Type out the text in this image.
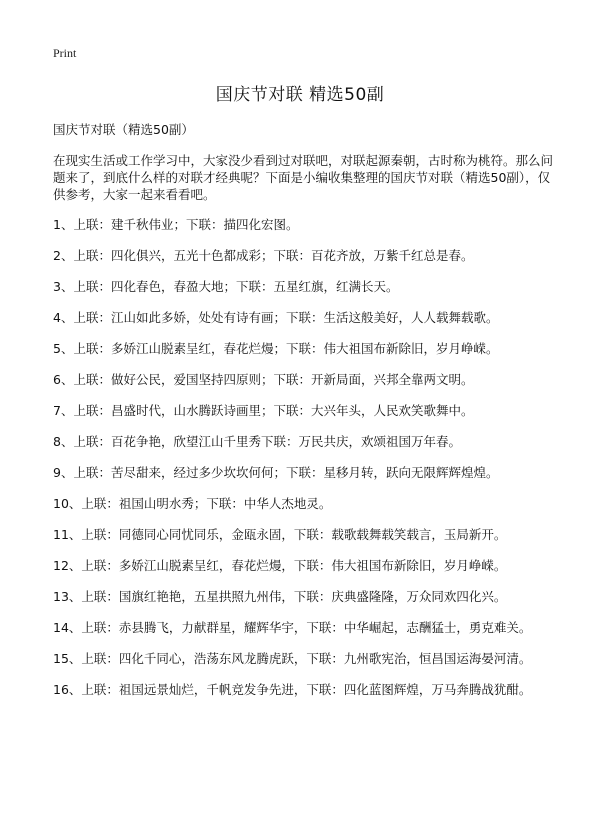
Print
国庆节对联 精选50副
国庆节对联（精选50副）

在现实生活或工作学习中，大家没少看到过对联吧，对联起源秦朝，古时称为桃符。那么问题来了，到底什么样的对联才经典呢？下面是小编收集整理的国庆节对联（精选50副），仅供参考，大家一起来看看吧。

1、上联：建千秋伟业；下联：描四化宏图。
2、上联：四化俱兴，五光十色都成彩；下联：百花齐放，万紫千红总是春。
3、上联：四化春色，春盈大地；下联：五星红旗，红满长天。
4、上联：江山如此多娇，处处有诗有画；下联：生活这般美好，人人载舞载歌。
5、上联：多娇江山脱素呈红，春花烂熳；下联：伟大祖国布新除旧，岁月峥嵘。
6、上联：做好公民，爱国坚持四原则；下联：开新局面，兴邦全靠两文明。
7、上联：昌盛时代，山水腾跃诗画里；下联：大兴年头，人民欢笑歌舞中。
8、上联：百花争艳，欣望江山千里秀下联：万民共庆，欢颂祖国万年春。
9、上联：苦尽甜来，经过多少坎坎何何；下联：星移月转，跃向无限辉辉煌煌。
10、上联：祖国山明水秀；下联：中华人杰地灵。
11、上联：同德同心同忧同乐，金瓯永固，下联：载歌载舞载笑载言，玉局新开。
12、上联：多娇江山脱素呈红，春花烂熳，下联：伟大祖国布新除旧，岁月峥嵘。
13、上联：国旗红艳艳，五星拱照九州伟，下联：庆典盛隆隆，万众同欢四化兴。
14、上联：赤县腾飞，力献群星，耀辉华宇，下联：中华崛起，志酬猛士，勇克难关。
15、上联：四化千同心，浩荡东风龙腾虎跃，下联：九州歌宪治，恒昌国运海晏河清。
16、上联：祖国远景灿烂，千帆竞发争先进，下联：四化蓝图辉煌，万马奔腾战犹酣。
